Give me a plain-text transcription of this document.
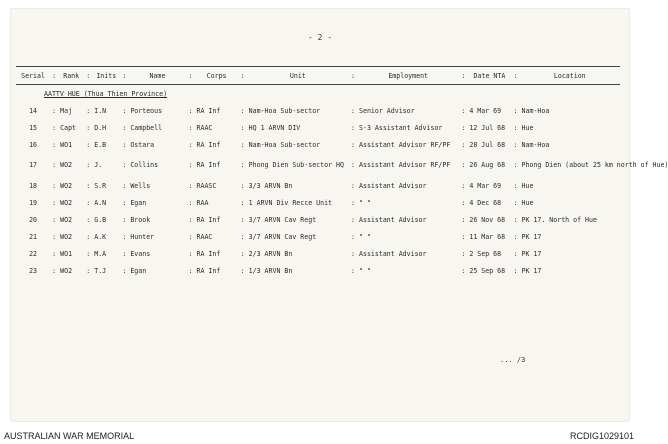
- 2 -
Serial	:	Rank	:	Inits	:	Name	:	Corps	:	Unit	:	Employment	:	Date NTA	:	Location
AATTV HUE (Thua Thien Province)																
14	:	Maj	:	I.N	:	Porteous	:	RA Inf	:	Nam-Hoa Sub-sector	:	Senior Advisor	:	4 Mar 69	:	Nam-Hoa
15	:	Capt	:	D.H	:	Campbell	:	RAAC	:	HQ 1 ARVN DIV	:	S-3 Assistant Advisor	:	12 Jul 68	:	Hue
16	:	WO1	:	E.B	:	Ostara	:	RA Inf	:	Nam-Hoa Sub-sector	:	Assistant Advisor RF/PF	:	28 Jul 68	:	Nam-Hoa
17	:	WO2	:	J.	:	Collins	:	RA Inf	:	Phong Dien Sub-sector HQ	:	Assistant Advisor RF/PF	:	26 Aug 68	:	Phong Dien (about 25 km north of Hue)
18	:	WO2	:	S.R	:	Wells	:	RAASC	:	3/3 ARVN Bn	:	Assistant Advisor	:	4 Mar 69	:	Hue
19	:	WO2	:	A.N	:	Egan	:	RAA	:	1 ARVN Div Recce Unit	:	" "	:	4 Dec 68	:	Hue
20	:	WO2	:	G.B	:	Brook	:	RA Inf	:	3/7 ARVN Cav Regt	:	Assistant Advisor	:	26 Nov 68	:	PK 17. North of Hue
21	:	WO2	:	A.K	:	Hunter	:	RAAC	:	3/7 ARVN Cav Regt	:	" "	:	11 Mar 68	:	PK 17
22	:	WO1	:	M.A	:	Evans	:	RA Inf	:	2/3 ARVN Bn	:	Assistant Advisor	:	2 Sep 68	:	PK 17
23	:	WO2	:	T.J	:	Egan	:	RA Inf	:	1/3 ARVN Bn	:	" "	:	25 Sep 68	:	PK 17
... /3
AUSTRALIAN WAR MEMORIAL	RCDIG1029101
